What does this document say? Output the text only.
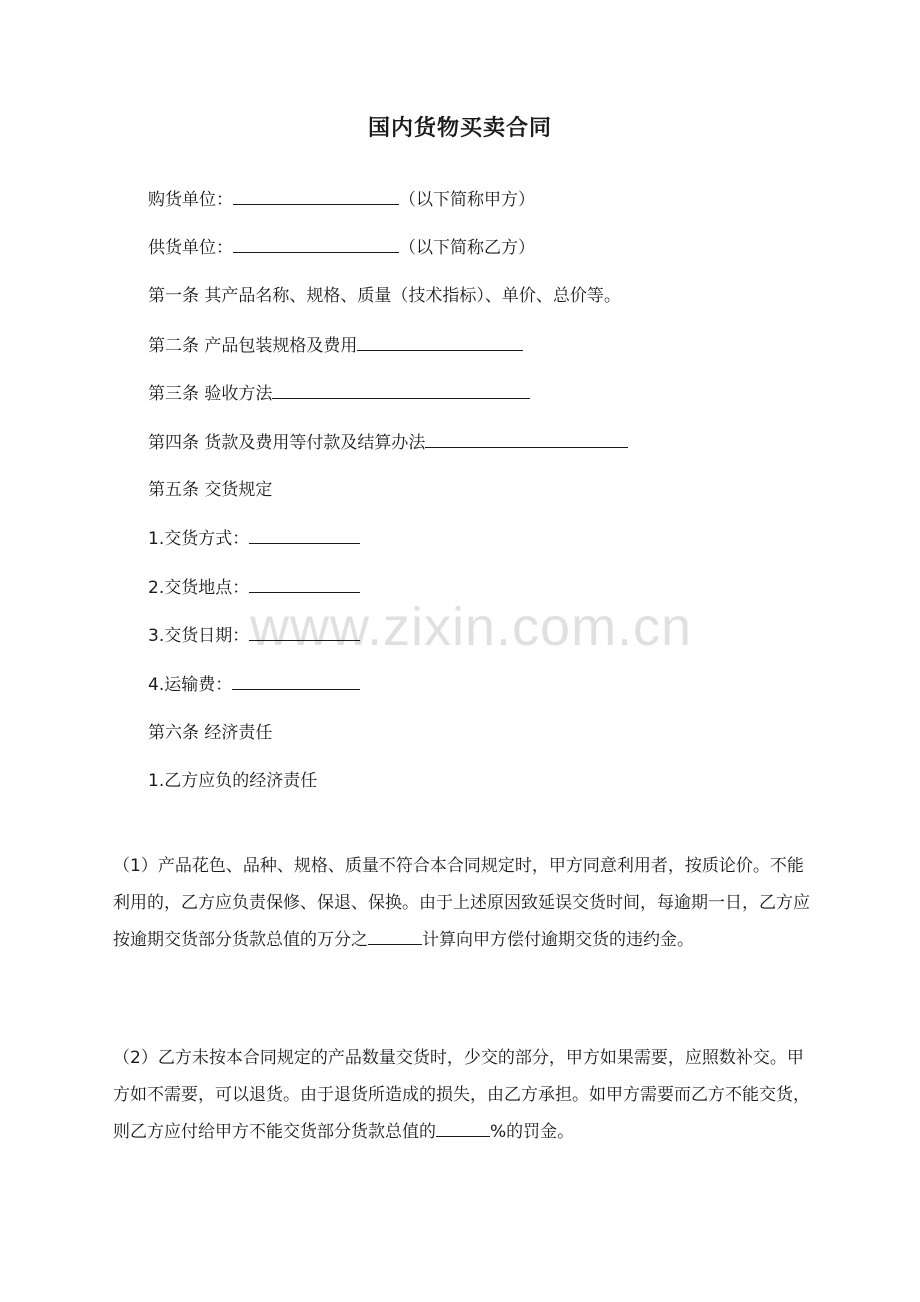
国内货物买卖合同
购货单位：	（以下简称甲方）
供货单位：	（以下简称乙方）
第一条 其产品名称、规格、质量（技术指标）、单价、总价等。
第二条 产品包装规格及费用
第三条 验收方法
第四条 货款及费用等付款及结算办法
第五条 交货规定
1.交货方式：
2.交货地点：
3.交货日期：
4.运输费：
第六条 经济责任
1.乙方应负的经济责任

（1）产品花色、品种、规格、质量不符合本合同规定时，甲方同意利用者，按质论价。不能利用的，乙方应负责保修、保退、保换。由于上述原因致延误交货时间，每逾期一日，乙方应按逾期交货部分货款总值的万分之	计算向甲方偿付逾期交货的违约金。

（2）乙方未按本合同规定的产品数量交货时，少交的部分，甲方如果需要，应照数补交。甲方如不需要，可以退货。由于退货所造成的损失，由乙方承担。如甲方需要而乙方不能交货，则乙方应付给甲方不能交货部分货款总值的	%的罚金。

www.zixin.com.cn
